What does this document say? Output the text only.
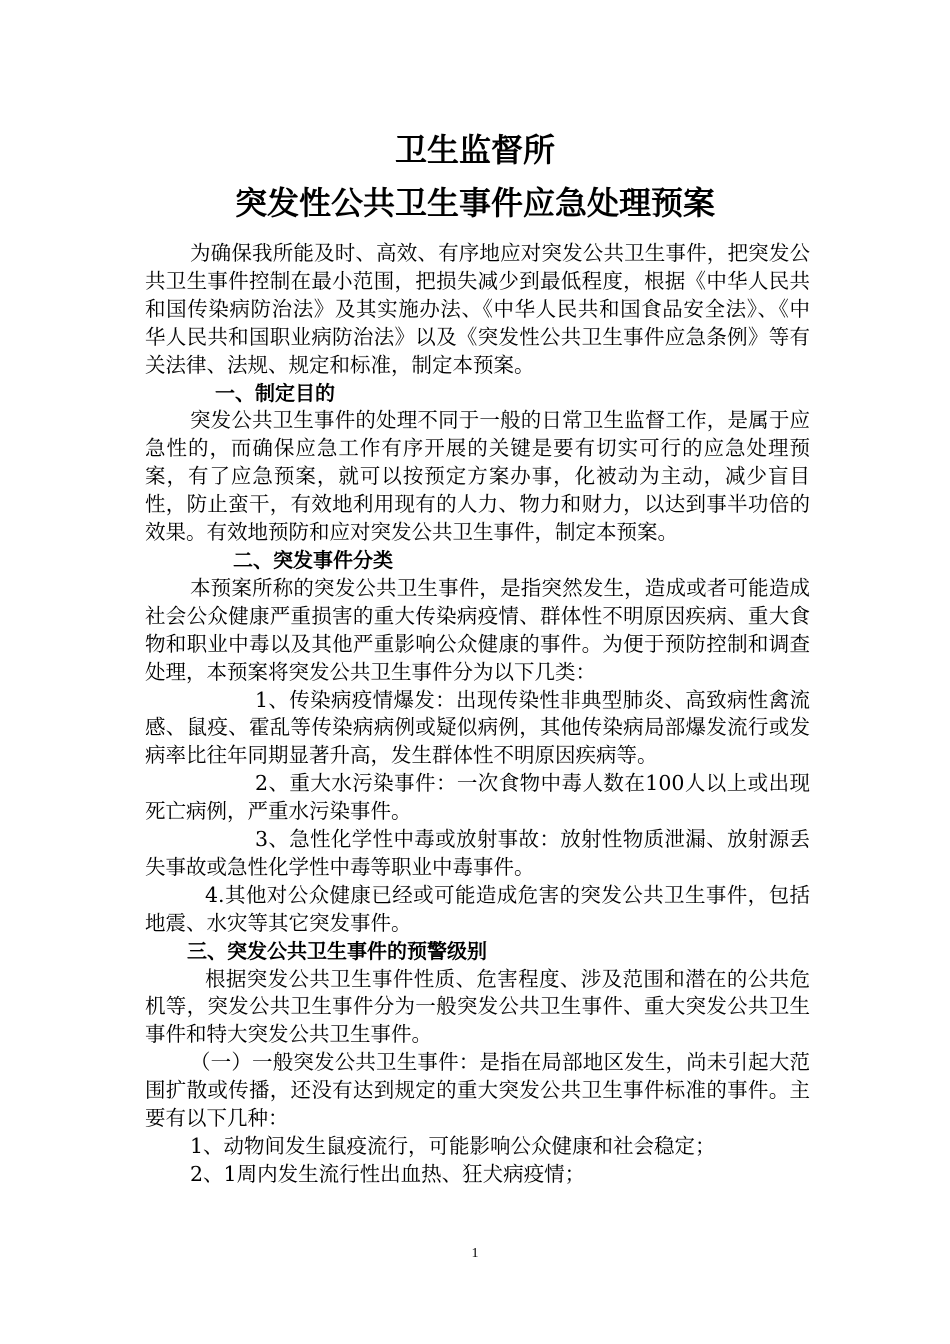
卫生监督所
突发性公共卫生事件应急处理预案

为确保我所能及时、高效、有序地应对突发公共卫生事件，把突发公共卫生事件控制在最小范围，把损失减少到最低程度，根据《中华人民共和国传染病防治法》及其实施办法、《中华人民共和国食品安全法》、《中华人民共和国职业病防治法》以及《突发性公共卫生事件应急条例》等有关法律、法规、规定和标准，制定本预案。

一、制定目的

突发公共卫生事件的处理不同于一般的日常卫生监督工作，是属于应急性的，而确保应急工作有序开展的关键是要有切实可行的应急处理预案，有了应急预案，就可以按预定方案办事，化被动为主动，减少盲目性，防止蛮干，有效地利用现有的人力、物力和财力，以达到事半功倍的效果。有效地预防和应对突发公共卫生事件，制定本预案。

二、突发事件分类

本预案所称的突发公共卫生事件，是指突然发生，造成或者可能造成社会公众健康严重损害的重大传染病疫情、群体性不明原因疾病、重大食物和职业中毒以及其他严重影响公众健康的事件。为便于预防控制和调查处理，本预案将突发公共卫生事件分为以下几类：

1、传染病疫情爆发：出现传染性非典型肺炎、高致病性禽流感、鼠疫、霍乱等传染病病例或疑似病例，其他传染病局部爆发流行或发病率比往年同期显著升高，发生群体性不明原因疾病等。

2、重大水污染事件：一次食物中毒人数在100人以上或出现死亡病例，严重水污染事件。

3、急性化学性中毒或放射事故：放射性物质泄漏、放射源丢失事故或急性化学性中毒等职业中毒事件。

4.其他对公众健康已经或可能造成危害的突发公共卫生事件，包括地震、水灾等其它突发事件。

三、突发公共卫生事件的预警级别

根据突发公共卫生事件性质、危害程度、涉及范围和潜在的公共危机等，突发公共卫生事件分为一般突发公共卫生事件、重大突发公共卫生事件和特大突发公共卫生事件。

（一）一般突发公共卫生事件：是指在局部地区发生，尚未引起大范围扩散或传播，还没有达到规定的重大突发公共卫生事件标准的事件。主要有以下几种：

1、动物间发生鼠疫流行，可能影响公众健康和社会稳定；

2、1周内发生流行性出血热、狂犬病疫情；

1
